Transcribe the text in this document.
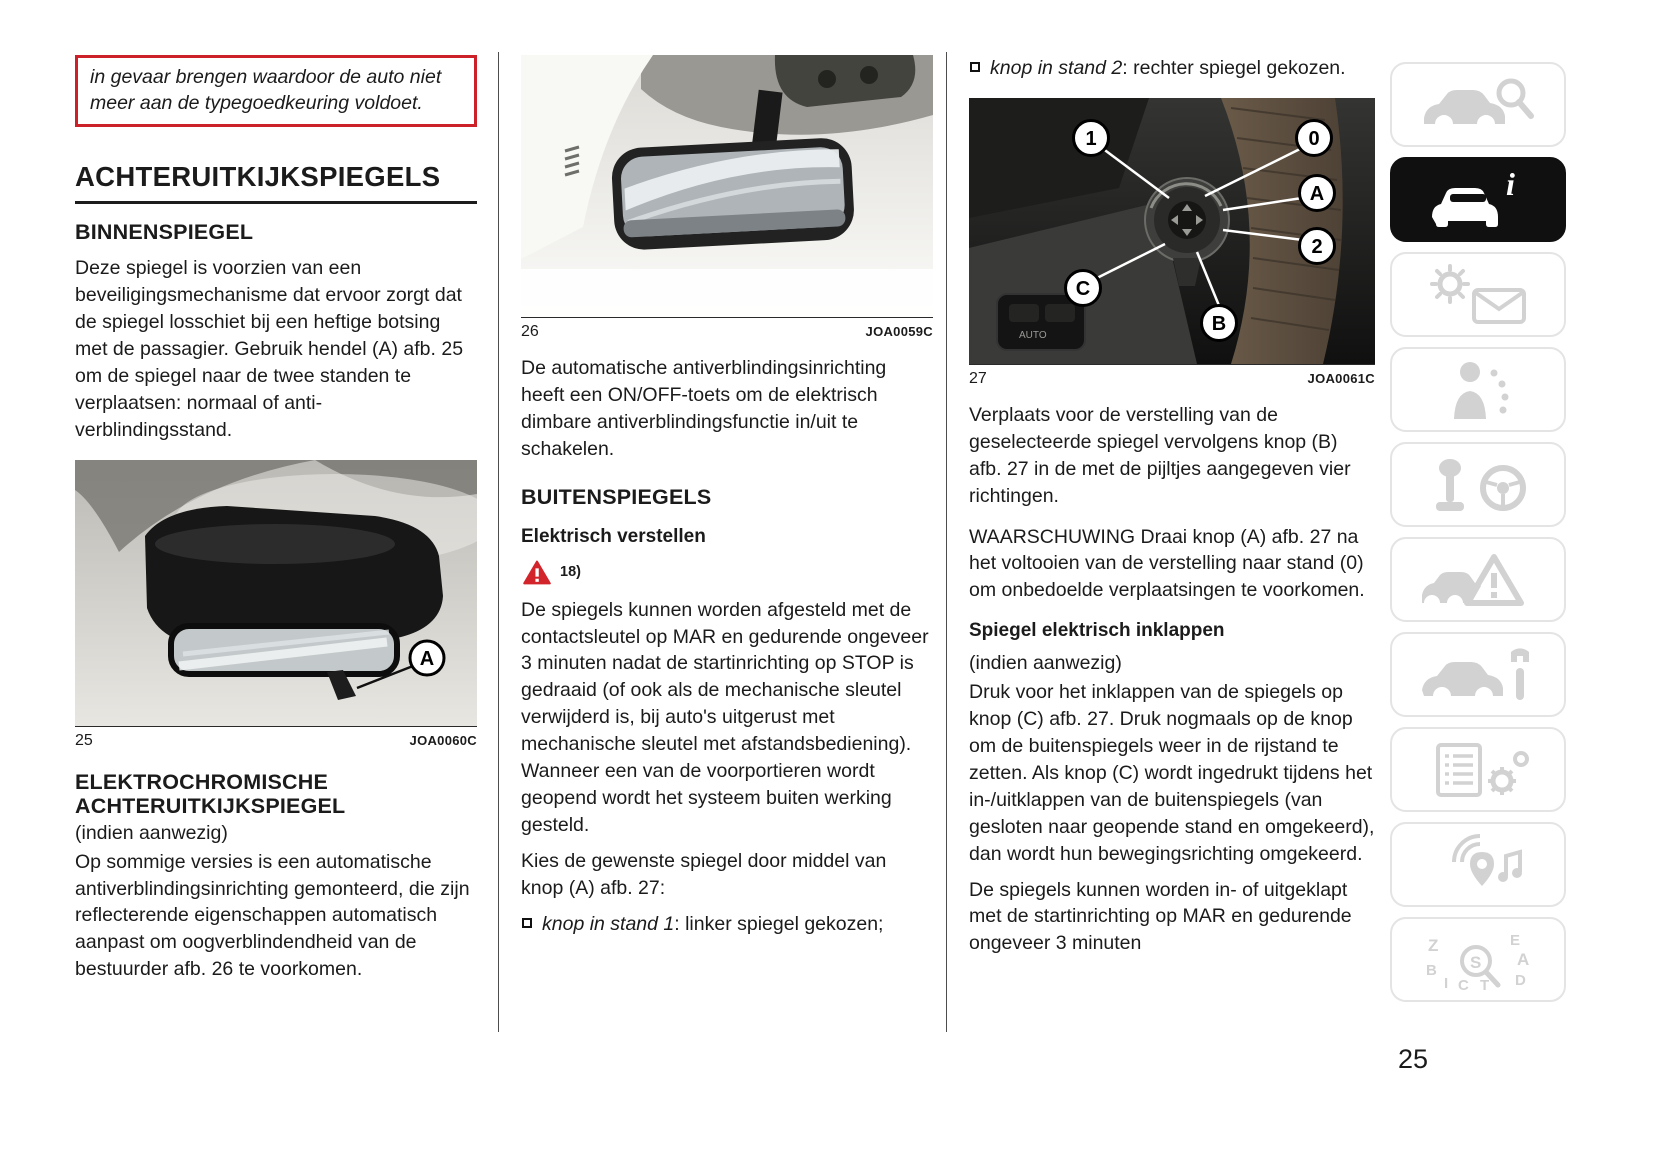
in gevaar brengen waardoor de auto niet meer aan de typegoedkeuring voldoet.
ACHTERUITKIJKSPIEGELS
BINNENSPIEGEL

Deze spiegel is voorzien van een beveiligingsmechanisme dat ervoor zorgt dat de spiegel losschiet bij een heftige botsing met de passagier. Gebruik hendel (A) afb. 25 om de spiegel naar de twee standen te verplaatsen: normaal of anti-verblindingsstand.

A
25	JOA0060C
ELEKTROCHROMISCHE
ACHTERUITKIJKSPIEGEL

(indien aanwezig)

Op sommige versies is een automatische antiverblindingsinrichting gemonteerd, die zijn reflecterende eigenschappen automatisch aanpast om oogverblindendheid van de bestuurder afb. 26 te voorkomen.

26	JOA0059C

De automatische antiverblindingsinrichting heeft een ON/OFF-toets om de elektrisch dimbare antiverblindingsfunctie in/uit te schakelen.

BUITENSPIEGELS
Elektrisch verstellen
18)

De spiegels kunnen worden afgesteld met de contactsleutel op MAR en gedurende ongeveer 3 minuten nadat de startinrichting op STOP is gedraaid (of ook als de mechanische sleutel verwijderd is, bij auto's uitgerust met mechanische sleutel met afstandsbediening). Wanneer een van de voorportieren wordt geopend wordt het systeem buiten werking gesteld.

Kies de gewenste spiegel door middel van knop (A) afb. 27:

knop in stand 1: linker spiegel gekozen;
knop in stand 2: rechter spiegel gekozen.
AUTO
1	0
A
2
C
B
27	JOA0061C

Verplaats voor de verstelling van de geselecteerde spiegel vervolgens knop (B) afb. 27 in de met de pijltjes aangegeven vier richtingen.

WAARSCHUWING Draai knop (A) afb. 27 na het voltooien van de verstelling naar stand (0) om onbedoelde verplaatsingen te voorkomen.

Spiegel elektrisch inklappen

(indien aanwezig)

Druk voor het inklappen van de spiegels op knop (C) afb. 27. Druk nogmaals op de knop om de buitenspiegels weer in de rijstand te zetten. Als knop (C) wordt ingedrukt tijdens het in-/uitklappen van de buitenspiegels (van gesloten naar geopende stand en omgekeerd), dan wordt hun bewegingsrichting omgekeerd.

De spiegels kunnen worden in- of uitgeklapt met de startinrichting op MAR en gedurende ongeveer 3 minuten

i
Z	E
A
B
C	D
S
I T
25
